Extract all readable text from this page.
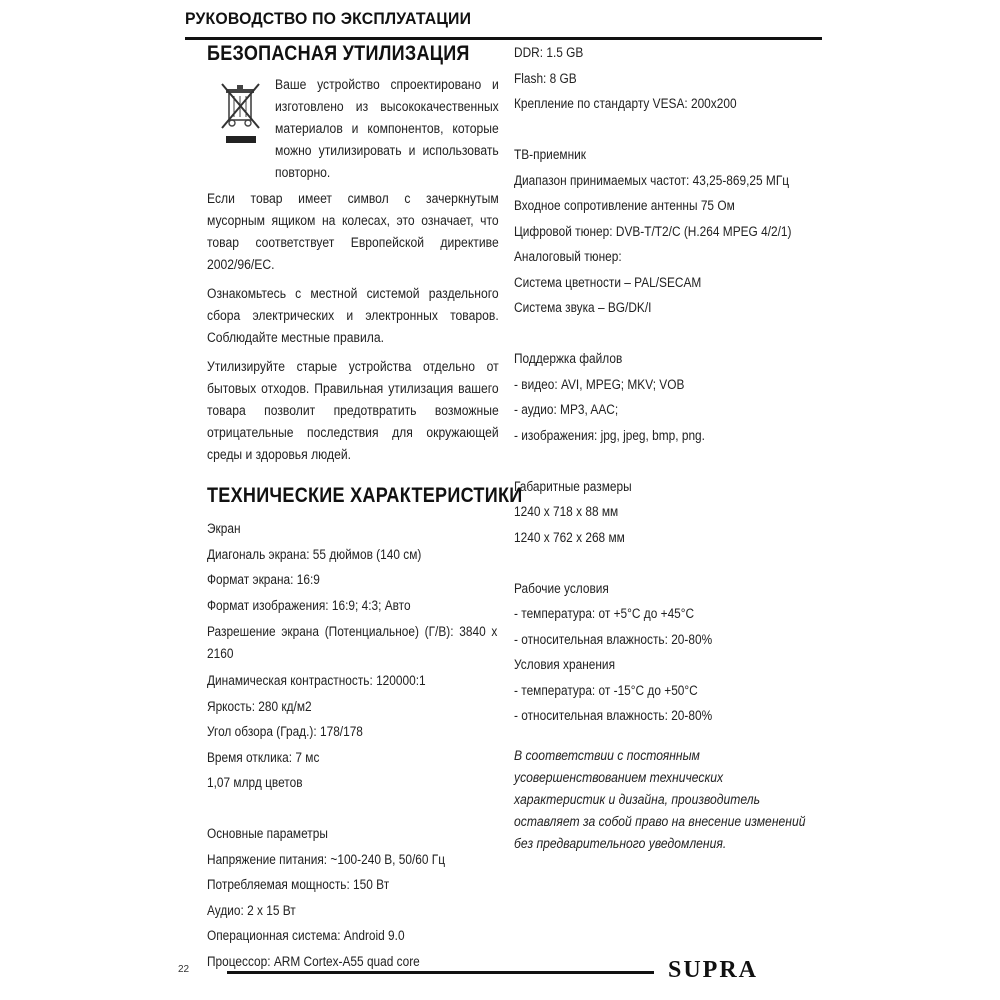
РУКОВОДСТВО ПО ЭКСПЛУАТАЦИИ
БЕЗОПАСНАЯ УТИЛИЗАЦИЯ

Ваше устройство спроектировано и изготовлено из высококачественных материалов и компонентов, которые можно утилизировать и использовать повторно.

Если товар имеет символ с зачеркнутым мусорным ящиком на колесах, это означает, что товар соответствует Европейской директиве 2002/96/EC.

Ознакомьтесь с местной системой раздельного сбора электрических и электронных товаров. Соблюдайте местные правила.

Утилизируйте старые устройства отдельно от бытовых отходов. Правильная утилизация вашего товара позволит предотвратить возможные отрицательные последствия для окружающей среды и здоровья людей.

ТЕХНИЧЕСКИЕ ХАРАКТЕРИСТИКИ
Экран
Диагональ экрана: 55 дюймов (140 см)
Формат экрана: 16:9
Формат изображения: 16:9; 4:3; Авто
Разрешение экрана (Потенциальное) (Г/В): 3840 х 2160
Динамическая контрастность: 120000:1
Яркость: 280 кд/м2
Угол обзора (Град.): 178/178
Время отклика: 7 мс
1,07 млрд цветов
Основные параметры
Напряжение питания: ~100-240 В, 50/60 Гц
Потребляемая мощность: 150 Вт
Аудио: 2 х 15 Вт
Операционная система: Android 9.0
Процессор: ARM Cortex-A55 quad core
DDR: 1.5 GB
Flash: 8 GB
Крепление по стандарту VESA: 200х200
ТВ-приемник
Диапазон принимаемых частот: 43,25-869,25 МГц
Входное сопротивление антенны 75 Ом
Цифровой тюнер: DVB-T/T2/C (H.264 MPEG 4/2/1)
Аналоговый тюнер:
Система цветности – PAL/SECAM
Система звука – BG/DK/I
Поддержка файлов
- видео: AVI, MPEG; MKV; VOB
- аудио: MP3, AAC;
- изображения: jpg, jpeg, bmp, png.
Габаритные размеры
1240 х 718 х 88 мм
1240 х 762 х 268 мм
Рабочие условия
- температура: от +5°С до +45°С
- относительная влажность: 20-80%
Условия хранения
- температура: от -15°С до +50°С
- относительная влажность: 20-80%
В соответствии с постоянным усовершенствованием технических характеристик и дизайна, производитель оставляет за собой право на внесение изменений без предварительного уведомления.
22	SUPRA
